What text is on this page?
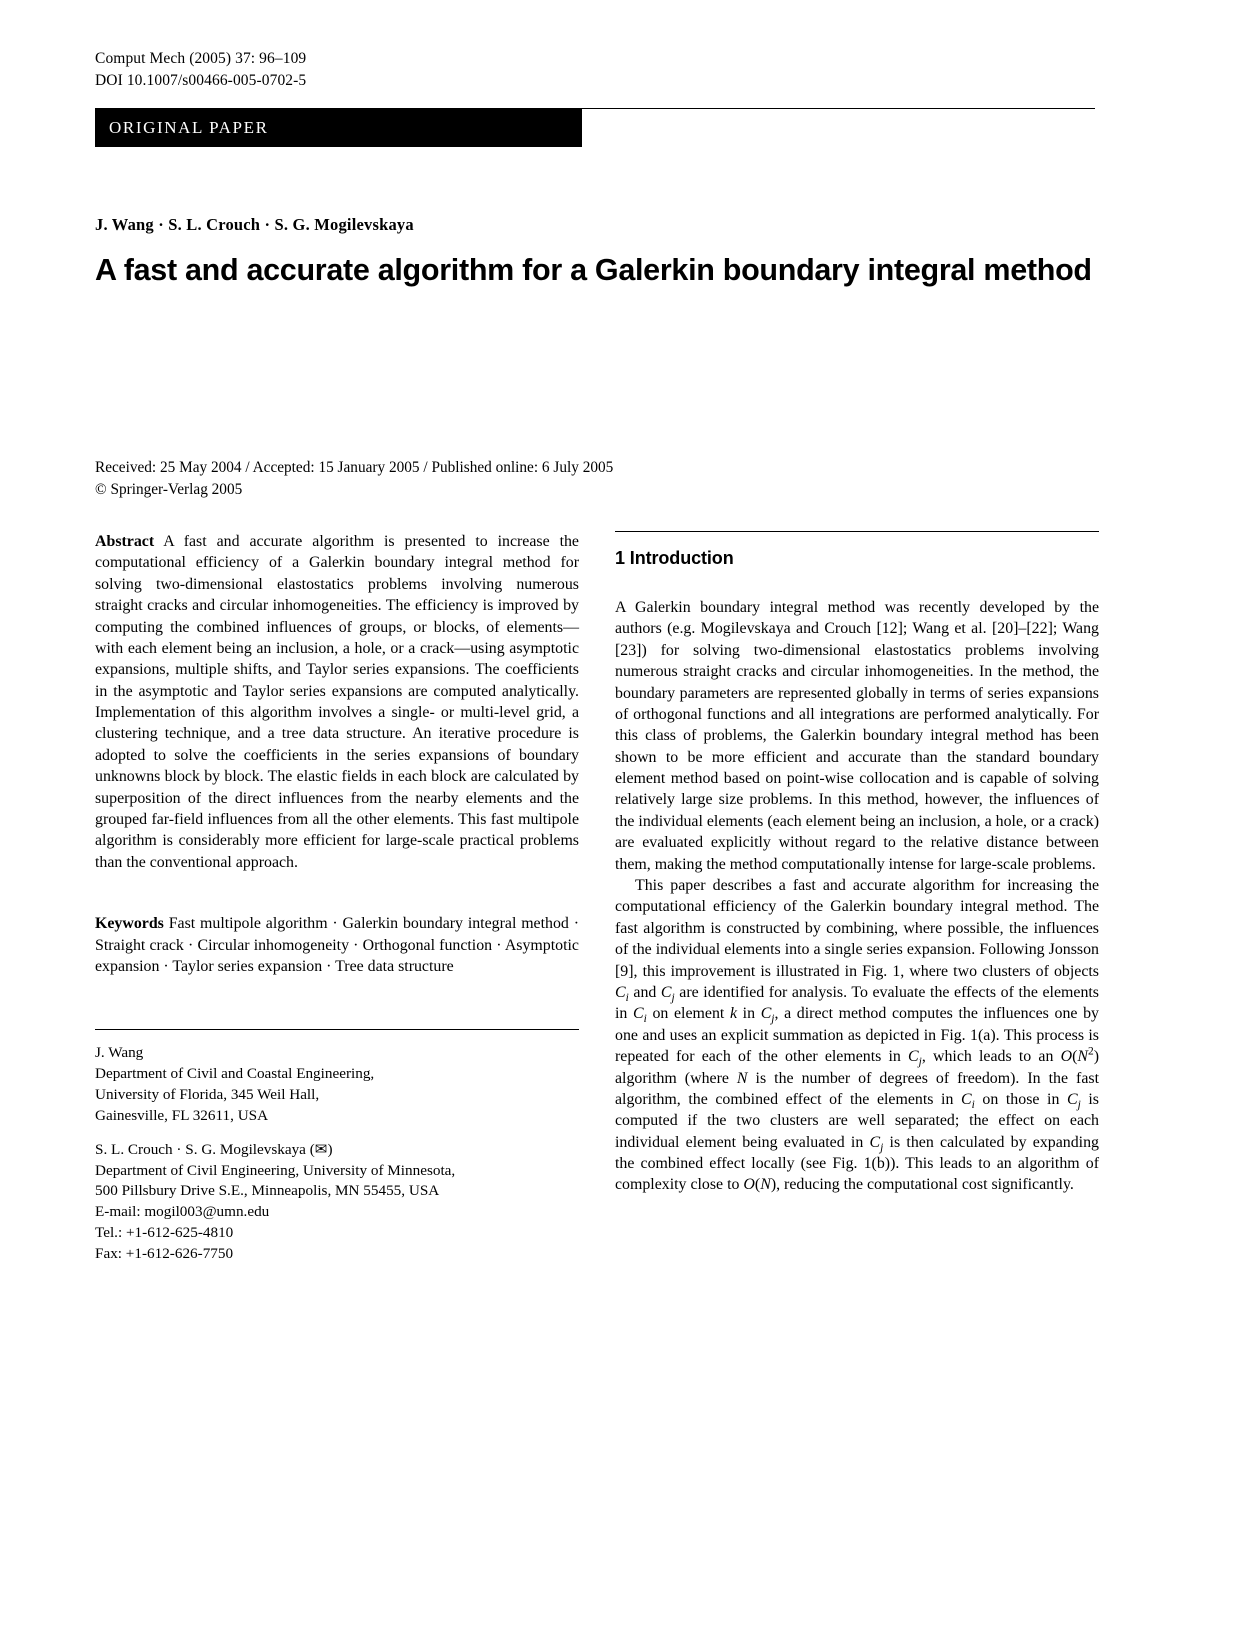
Comput Mech (2005) 37: 96–109
DOI 10.1007/s00466-005-0702-5
ORIGINAL PAPER
J. Wang · S. L. Crouch · S. G. Mogilevskaya
A fast and accurate algorithm for a Galerkin boundary integral method
Received: 25 May 2004 / Accepted: 15 January 2005 / Published online: 6 July 2005
© Springer-Verlag 2005

Abstract A fast and accurate algorithm is presented to increase the computational efficiency of a Galerkin boundary integral method for solving two-dimensional elastostatics problems involving numerous straight cracks and circular inhomogeneities. The efficiency is improved by computing the combined influences of groups, or blocks, of elements—with each element being an inclusion, a hole, or a crack—using asymptotic expansions, multiple shifts, and Taylor series expansions. The coefficients in the asymptotic and Taylor series expansions are computed analytically. Implementation of this algorithm involves a single- or multi-level grid, a clustering technique, and a tree data structure. An iterative procedure is adopted to solve the coefficients in the series expansions of boundary unknowns block by block. The elastic fields in each block are calculated by superposition of the direct influences from the nearby elements and the grouped far-field influences from all the other elements. This fast multipole algorithm is considerably more efficient for large-scale practical problems than the conventional approach.

Keywords Fast multipole algorithm · Galerkin boundary integral method · Straight crack · Circular inhomogeneity · Orthogonal function · Asymptotic expansion · Taylor series expansion · Tree data structure

J. Wang
Department of Civil and Coastal Engineering,
University of Florida, 345 Weil Hall,
Gainesville, FL 32611, USA
S. L. Crouch · S. G. Mogilevskaya (✉)
Department of Civil Engineering, University of Minnesota,
500 Pillsbury Drive S.E., Minneapolis, MN 55455, USA
E-mail: mogil003@umn.edu
Tel.: +1-612-625-4810
Fax: +1-612-626-7750
1 Introduction

A Galerkin boundary integral method was recently developed by the authors (e.g. Mogilevskaya and Crouch [12]; Wang et al. [20]–[22]; Wang [23]) for solving two-dimensional elastostatics problems involving numerous straight cracks and circular inhomogeneities. In the method, the boundary parameters are represented globally in terms of series expansions of orthogonal functions and all integrations are performed analytically. For this class of problems, the Galerkin boundary integral method has been shown to be more efficient and accurate than the standard boundary element method based on point-wise collocation and is capable of solving relatively large size problems. In this method, however, the influences of the individual elements (each element being an inclusion, a hole, or a crack) are evaluated explicitly without regard to the relative distance between them, making the method computationally intense for large-scale problems.

This paper describes a fast and accurate algorithm for increasing the computational efficiency of the Galerkin boundary integral method. The fast algorithm is constructed by combining, where possible, the influences of the individual elements into a single series expansion. Following Jonsson [9], this improvement is illustrated in Fig. 1, where two clusters of objects $C_i$ and $C_j$ are identified for analysis. To evaluate the effects of the elements in $C_i$ on element k in $C_j$, a direct method computes the influences one by one and uses an explicit summation as depicted in Fig. 1(a). This process is repeated for each of the other elements in $C_j$, which leads to an $O(N^2)$ algorithm (where N is the number of degrees of freedom). In the fast algorithm, the combined effect of the elements in $C_i$ on those in $C_j$ is computed if the two clusters are well separated; the effect on each individual element being evaluated in $C_j$ is then calculated by expanding the combined effect locally (see Fig. 1(b)). This leads to an algorithm of complexity close to O(N), reducing the computational cost significantly.
